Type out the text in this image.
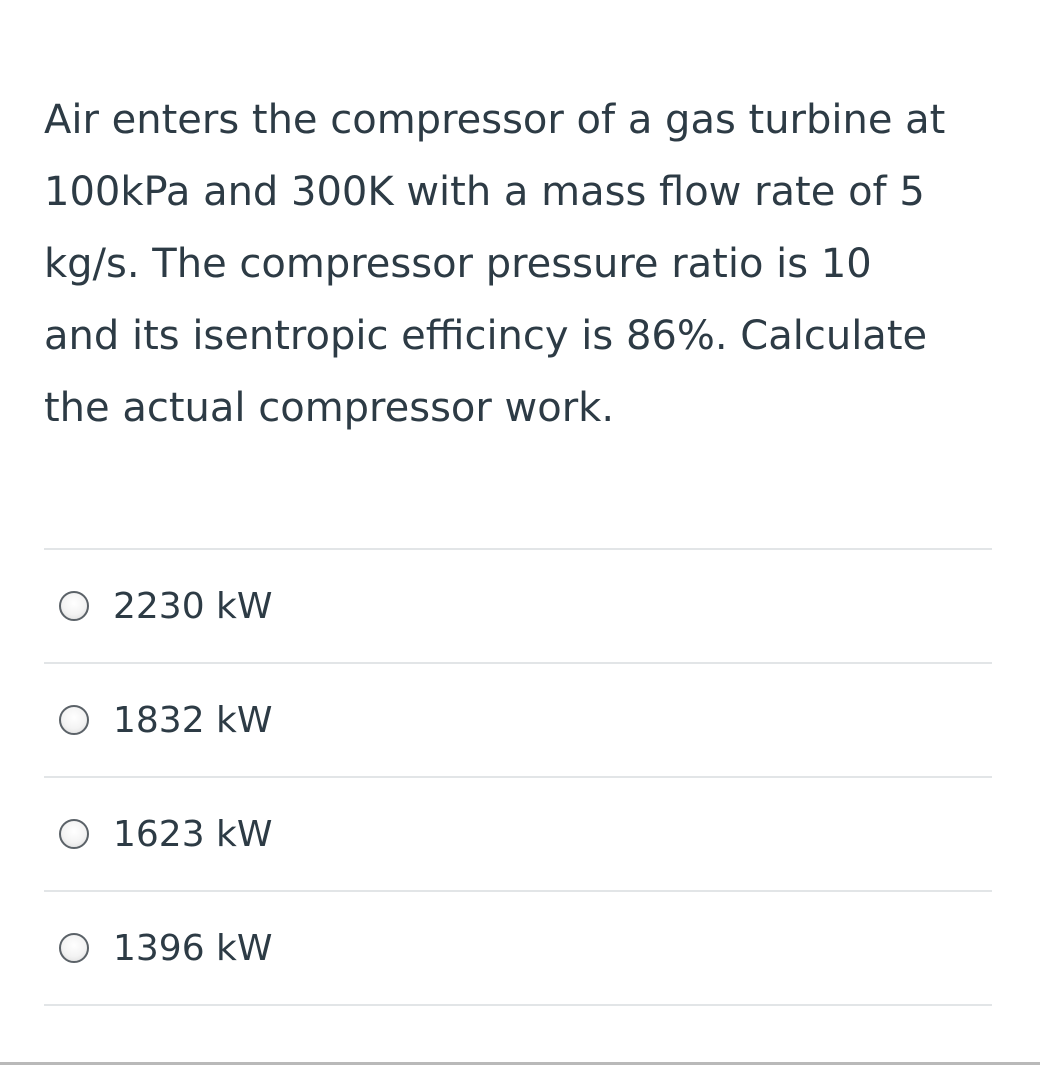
Air enters the compressor of a gas turbine at
100kPa and 300K with a mass flow rate of 5
kg/s. The compressor pressure ratio is 10
and its isentropic efficincy is 86%. Calculate
the actual compressor work.
2230 kW
1832 kW
1623 kW
1396 kW
